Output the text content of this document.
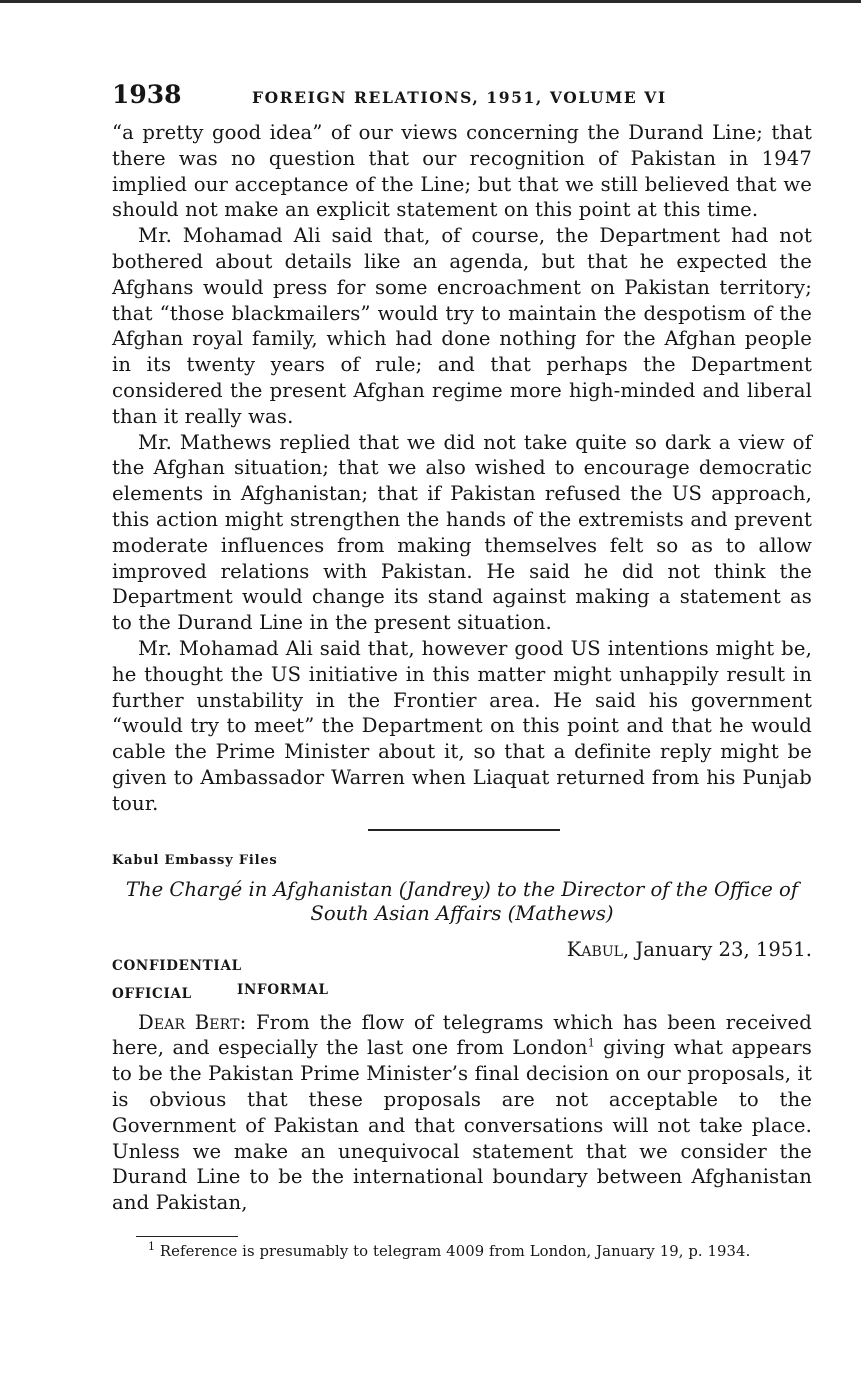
1938	FOREIGN RELATIONS, 1951, VOLUME VI

“a pretty good idea” of our views concerning the Durand Line; that there was no question that our recognition of Pakistan in 1947 implied our acceptance of the Line; but that we still believed that we should not make an explicit statement on this point at this time.

Mr. Mohamad Ali said that, of course, the Department had not bothered about details like an agenda, but that he expected the Afghans would press for some encroachment on Pakistan territory; that “those blackmailers” would try to maintain the despotism of the Afghan royal family, which had done nothing for the Afghan people in its twenty years of rule; and that perhaps the Department considered the present Afghan regime more high-minded and liberal than it really was.

Mr. Mathews replied that we did not take quite so dark a view of the Afghan situation; that we also wished to encourage democratic elements in Afghanistan; that if Pakistan refused the US approach, this action might strengthen the hands of the extremists and prevent moderate influences from making themselves felt so as to allow improved relations with Pakistan. He said he did not think the Department would change its stand against making a statement as to the Durand Line in the present situation.

Mr. Mohamad Ali said that, however good US intentions might be, he thought the US initiative in this matter might unhappily result in further unstability in the Frontier area. He said his government “would try to meet” the Department on this point and that he would cable the Prime Minister about it, so that a definite reply might be given to Ambassador Warren when Liaquat returned from his Punjab tour.

Kabul Embassy Files
The Chargé in Afghanistan (Jandrey) to the Director of the Office of South Asian Affairs (Mathews)
CONFIDENTIAL
OFFICIAL	INFORMAL
Kabul, January 23, 1951.

Dear Bert: From the flow of telegrams which has been received here, and especially the last one from London$^1$ giving what appears to be the Pakistan Prime Minister’s final decision on our proposals, it is obvious that these proposals are not acceptable to the Government of Pakistan and that conversations will not take place. Unless we make an unequivocal statement that we consider the Durand Line to be the international boundary between Afghanistan and Pakistan,

$^1$ Reference is presumably to telegram 4009 from London, January 19, p. 1934.
